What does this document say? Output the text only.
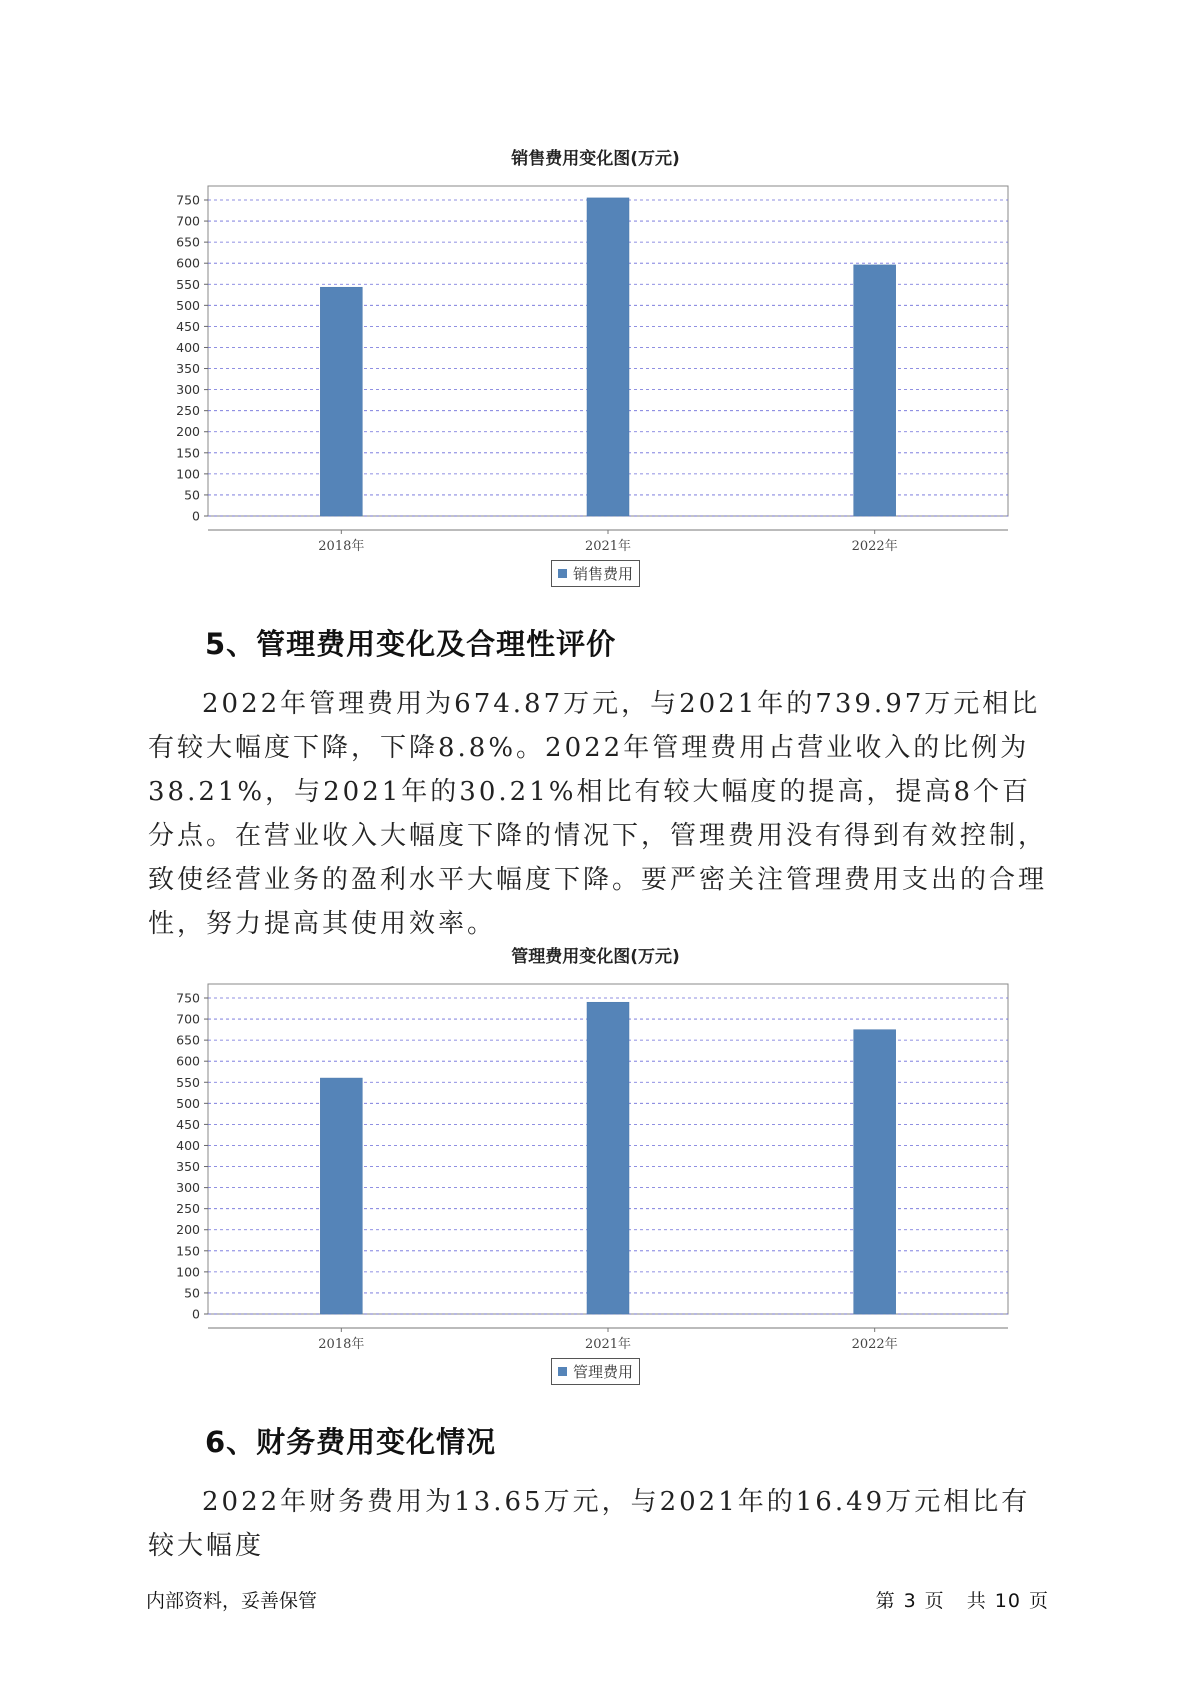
销售费用变化图(万元)
0
50
100
150
200
250
300
350
400
450
500
550
600
650
700
750
2018年	2021年	2022年
5、管理费用变化及合理性评价

2022年管理费用为674.87万元，与2021年的739.97万元相比有较大幅度下降，下降8.8%。2022年管理费用占营业收入的比例为38.21%，与2021年的30.21%相比有较大幅度的提高，提高8个百分点。在营业收入大幅度下降的情况下，管理费用没有得到有效控制，致使经营业务的盈利水平大幅度下降。要严密关注管理费用支出的合理性，努力提高其使用效率。

管理费用变化图(万元)
0
50
100
150
200
250
300
350
400
450
500
550
600
650
700
750
2018年	2021年	2022年
6、财务费用变化情况

2022年财务费用为13.65万元，与2021年的16.49万元相比有较大幅度

内部资料，妥善保管	第 3 页 共 10 页
销售费用
管理费用
